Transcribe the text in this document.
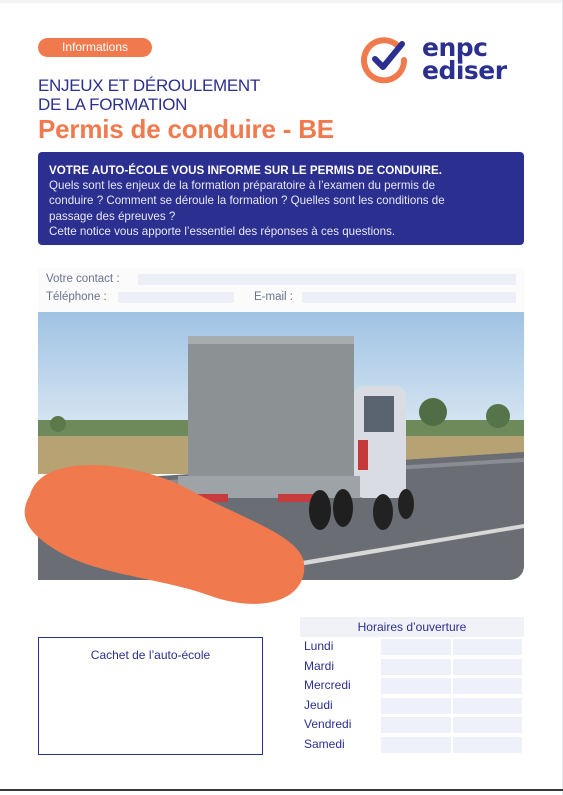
Informations	enpc
ediser
ENJEUX ET DÉROULEMENT
DE LA FORMATION
Permis de conduire - BE
VOTRE AUTO-ÉCOLE VOUS INFORME SUR LE PERMIS DE CONDUIRE.

Quels sont les enjeux de la formation préparatoire à l’examen du permis de

conduire ? Comment se déroule la formation ? Quelles sont les conditions de

passage des épreuves ?

Cette notice vous apporte l’essentiel des réponses à ces questions.

Votre contact :
Téléphone :	E-mail :
Cachet de l’auto-école
Horaires d’ouverture
Lundi
Mardi
Mercredi
Jeudi
Vendredi
Samedi
